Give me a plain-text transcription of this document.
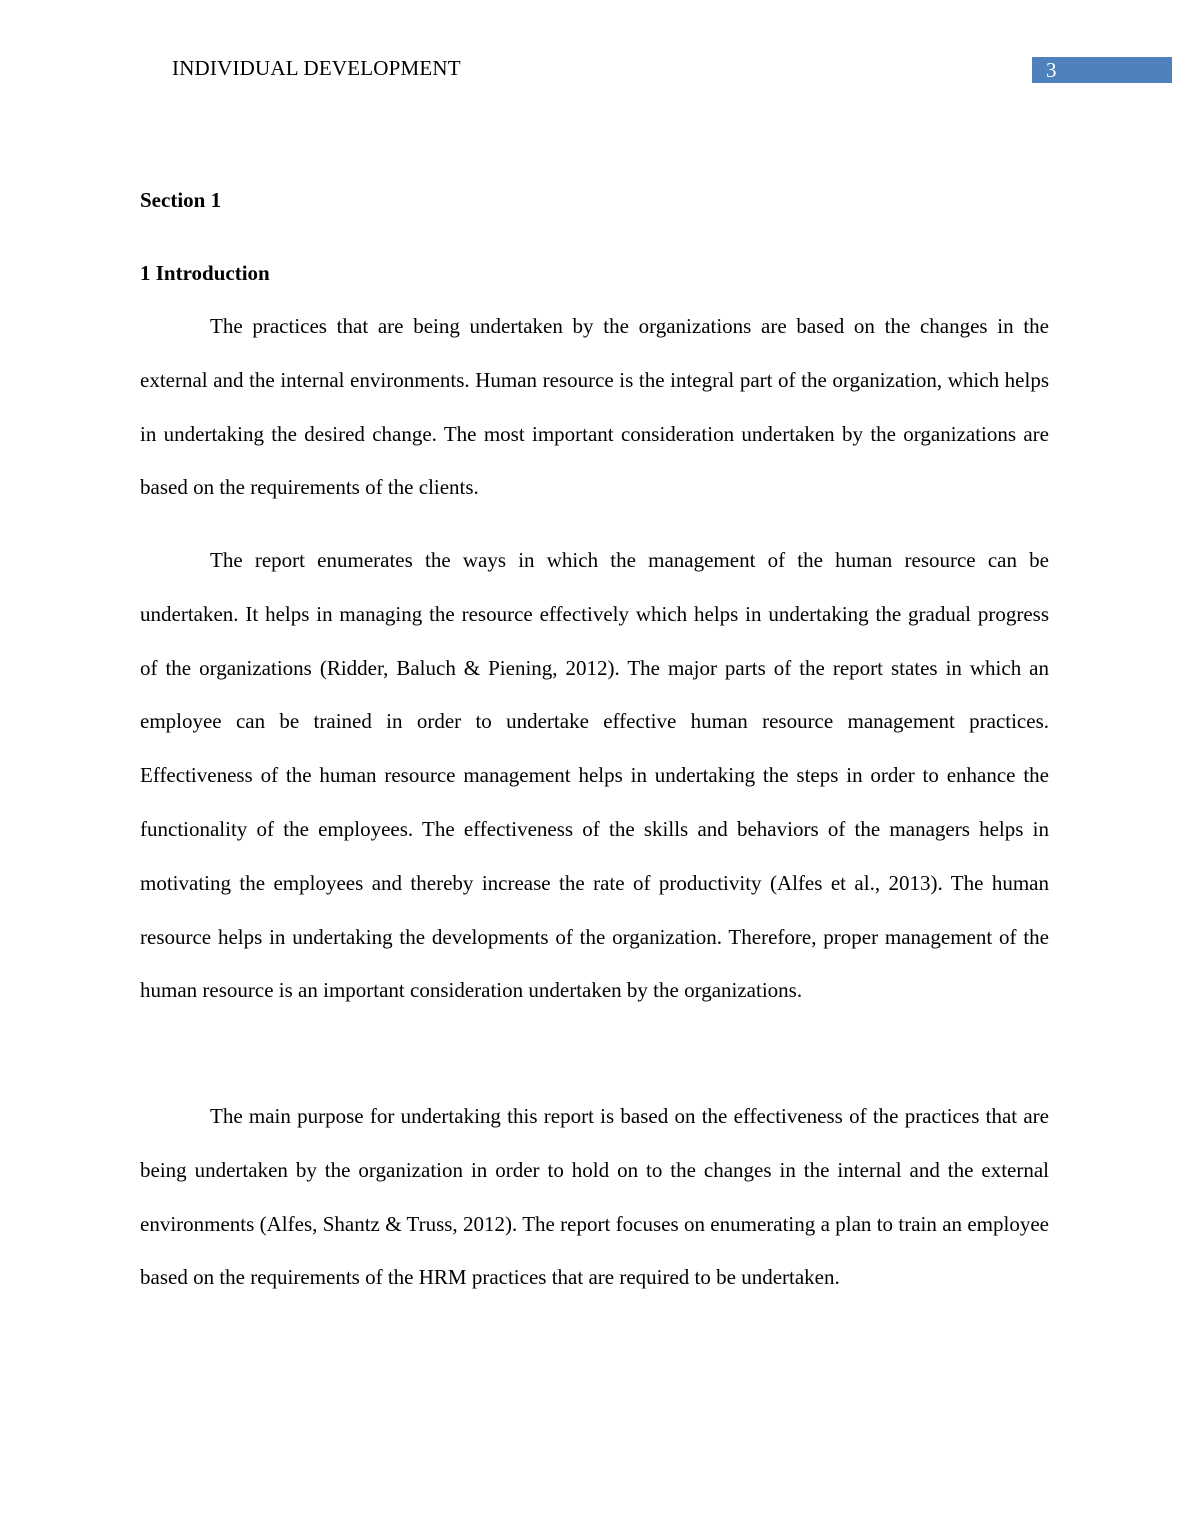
INDIVIDUAL DEVELOPMENT	3
Section 1
1 Introduction

The practices that are being undertaken by the organizations are based on the changes in the external and the internal environments. Human resource is the integral part of the organization, which helps in undertaking the desired change. The most important consideration undertaken by the organizations are based on the requirements of the clients.

The report enumerates the ways in which the management of the human resource can be undertaken. It helps in managing the resource effectively which helps in undertaking the gradual progress of the organizations (Ridder, Baluch & Piening, 2012). The major parts of the report states in which an employee can be trained in order to undertake effective human resource management practices. Effectiveness of the human resource management helps in undertaking the steps in order to enhance the functionality of the employees. The effectiveness of the skills and behaviors of the managers helps in motivating the employees and thereby increase the rate of productivity (Alfes et al., 2013). The human resource helps in undertaking the developments of the organization. Therefore, proper management of the human resource is an important consideration undertaken by the organizations.

The main purpose for undertaking this report is based on the effectiveness of the practices that are being undertaken by the organization in order to hold on to the changes in the internal and the external environments (Alfes, Shantz & Truss, 2012). The report focuses on enumerating a plan to train an employee based on the requirements of the HRM practices that are required to be undertaken.
